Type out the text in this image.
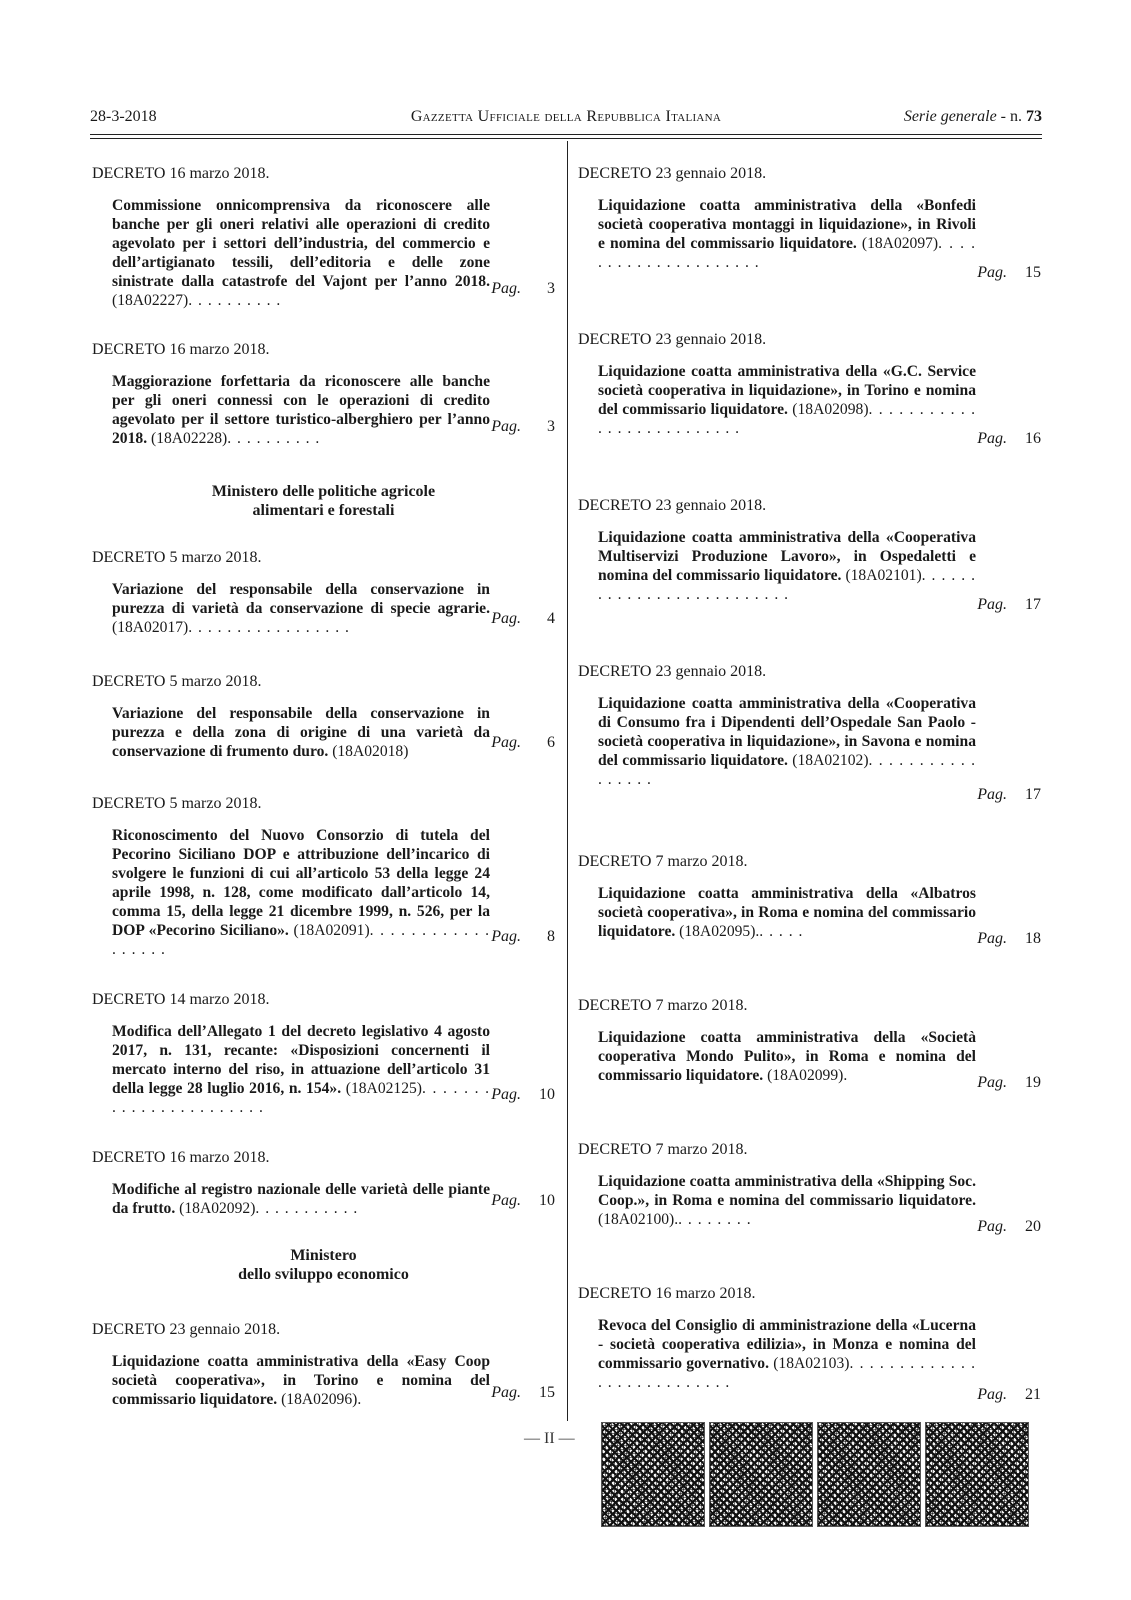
28-3-2018	Gazzetta Ufficiale della Repubblica Italiana	Serie generale - n. 73

DECRETO 16 marzo 2018.

Commissione onnicomprensiva da riconoscere alle banche per gli oneri relativi alle operazioni di credito agevolato per i settori dell’industria, del commercio e dell’artigianato tessili, dell’editoria e delle zone sinistrate dalla catastrofe del Vajont per l’anno 2018. (18A02227). . . . . . . . . .
Pag. 3

DECRETO 16 marzo 2018.

Maggiorazione forfettaria da riconoscere alle banche per gli oneri connessi con le operazioni di credito agevolato per il settore turistico-alberghiero per l’anno 2018. (18A02228). . . . . . . . . .
Pag. 3
Ministero delle politiche agricole
alimentari e forestali

DECRETO 5 marzo 2018.

Variazione del responsabile della conservazione in purezza di varietà da conservazione di specie agrarie. (18A02017). . . . . . . . . . . . . . . . .
Pag. 4

DECRETO 5 marzo 2018.

Variazione del responsabile della conservazione in purezza e della zona di origine di una varietà da conservazione di frumento duro. (18A02018)
Pag. 6

DECRETO 5 marzo 2018.

Riconoscimento del Nuovo Consorzio di tutela del Pecorino Siciliano DOP e attribuzione dell’incarico di svolgere le funzioni di cui all’articolo 53 della legge 24 aprile 1998, n. 128, come modificato dall’articolo 14, comma 15, della legge 21 dicembre 1999, n. 526, per la DOP «Pecorino Siciliano». (18A02091). . . . . . . . . . . . . . . . . .
Pag. 8

DECRETO 14 marzo 2018.

Modifica dell’Allegato 1 del decreto legislativo 4 agosto 2017, n. 131, recante: «Disposizioni concernenti il mercato interno del riso, in attuazione dell’articolo 31 della legge 28 luglio 2016, n. 154». (18A02125). . . . . . . . . . . . . . . . . . . . . . .
Pag. 10

DECRETO 16 marzo 2018.

Modifiche al registro nazionale delle varietà delle piante da frutto. (18A02092). . . . . . . . . . .	Pag. 10
Ministero
dello sviluppo economico

DECRETO 23 gennaio 2018.

Liquidazione coatta amministrativa della «Easy Coop società cooperativa», in Torino e nomina del commissario liquidatore. (18A02096).	Pag. 15

DECRETO 23 gennaio 2018.

Liquidazione coatta amministrativa della «Bonfedi società cooperativa montaggi in liquidazione», in Rivoli e nomina del commissario liquidatore. (18A02097). . . . . . . . . . . . . . . . . . . . .
Pag. 15

DECRETO 23 gennaio 2018.

Liquidazione coatta amministrativa della «G.C. Service società cooperativa in liquidazione», in Torino e nomina del commissario liquidatore. (18A02098). . . . . . . . . . . . . . . . . . . . . . . . . .
Pag. 16

DECRETO 23 gennaio 2018.

Liquidazione coatta amministrativa della «Cooperativa Multiservizi Produzione Lavoro», in Ospedaletti e nomina del commissario liquidatore. (18A02101). . . . . . . . . . . . . . . . . . . . . . . . . .
Pag. 17

DECRETO 23 gennaio 2018.

Liquidazione coatta amministrativa della «Cooperativa di Consumo fra i Dipendenti dell’Ospedale San Paolo - società cooperativa in liquidazione», in Savona e nomina del commissario liquidatore. (18A02102). . . . . . . . . . . . . . . . .
Pag. 17

DECRETO 7 marzo 2018.

Liquidazione coatta amministrativa della «Albatros società cooperativa», in Roma e nomina del commissario liquidatore. (18A02095).. . . . .	Pag. 18

DECRETO 7 marzo 2018.

Liquidazione coatta amministrativa della «Società cooperativa Mondo Pulito», in Roma e nomina del commissario liquidatore. (18A02099).	Pag. 19

DECRETO 7 marzo 2018.

Liquidazione coatta amministrativa della «Shipping Soc. Coop.», in Roma e nomina del commissario liquidatore. (18A02100).. . . . . . . .	Pag. 20

DECRETO 16 marzo 2018.

Revoca del Consiglio di amministrazione della «Lucerna - società cooperativa edilizia», in Monza e nomina del commissario governativo. (18A02103). . . . . . . . . . . . . . . . . . . . . . . . . . .
Pag. 21
— II —
